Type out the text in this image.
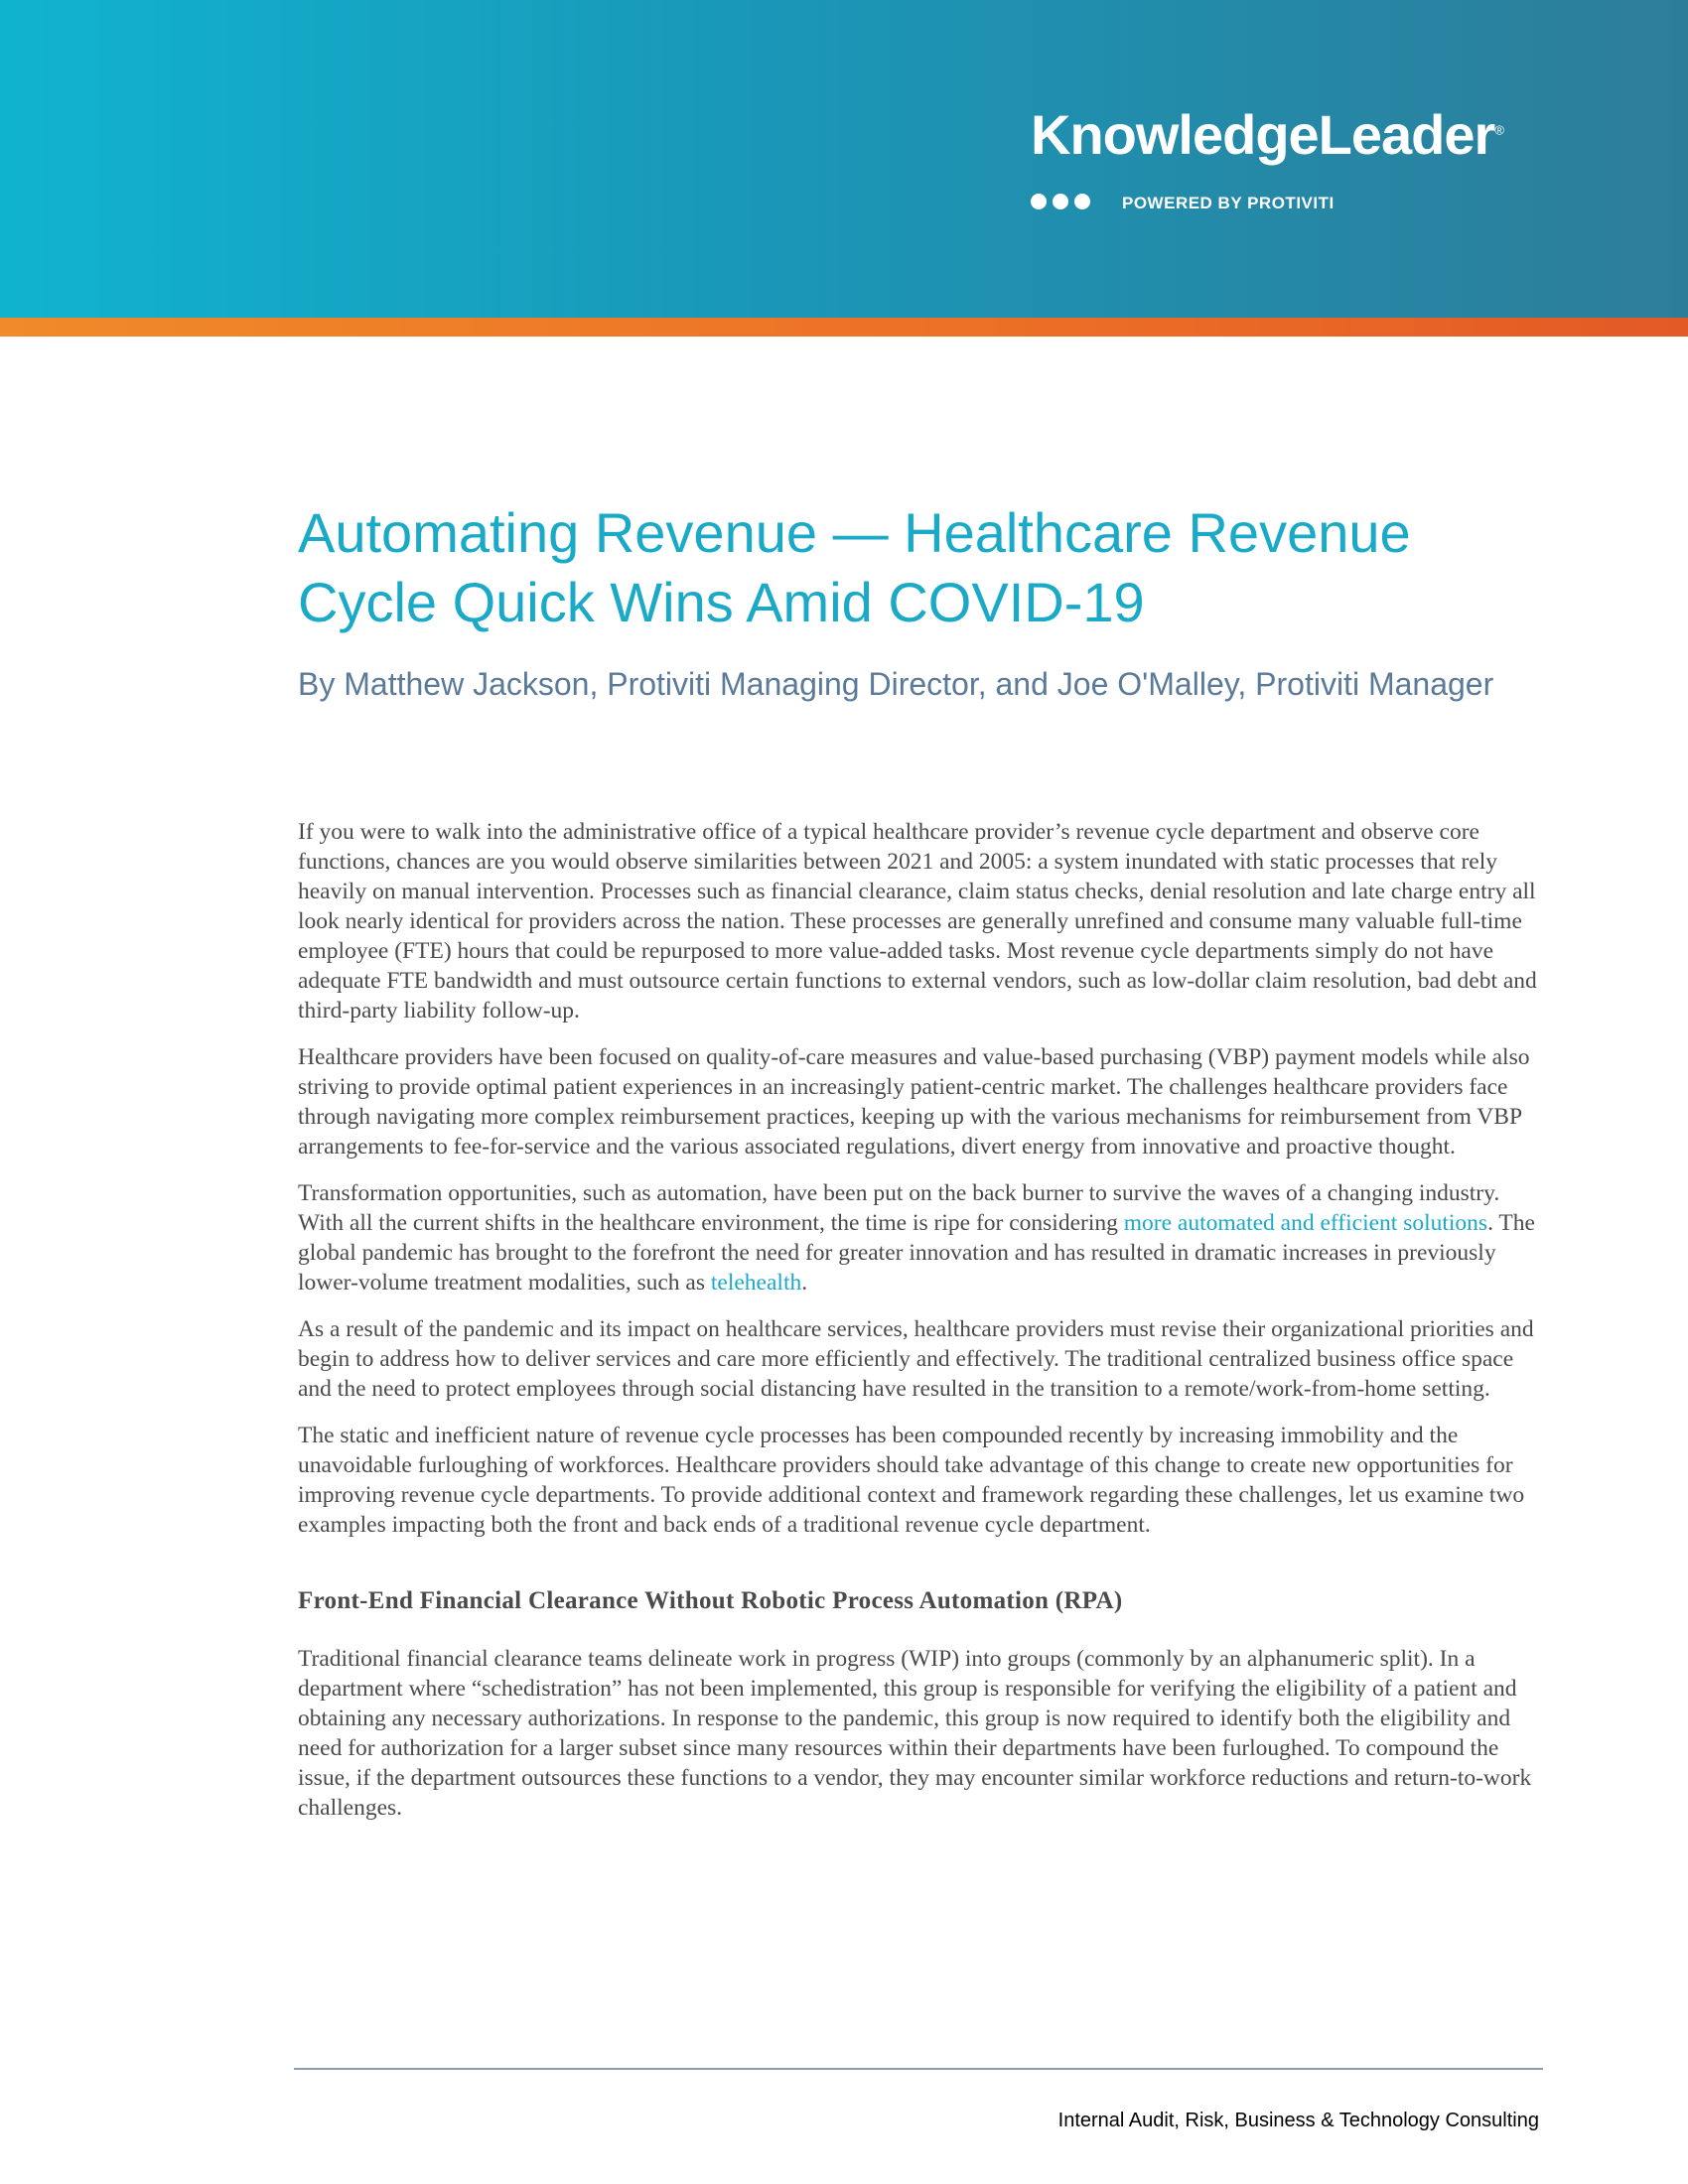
KnowledgeLeader®
POWERED BY PROTIVITI
Automating Revenue — Healthcare Revenue Cycle Quick Wins Amid COVID-19

By Matthew Jackson, Protiviti Managing Director, and Joe O'Malley, Protiviti Manager

If you were to walk into the administrative office of a typical healthcare provider’s revenue cycle department and observe core functions, chances are you would observe similarities between 2021 and 2005: a system inundated with static processes that rely heavily on manual intervention. Processes such as financial clearance, claim status checks, denial resolution and late charge entry all look nearly identical for providers across the nation. These processes are generally unrefined and consume many valuable full-time employee (FTE) hours that could be repurposed to more value-added tasks. Most revenue cycle departments simply do not have adequate FTE bandwidth and must outsource certain functions to external vendors, such as low-dollar claim resolution, bad debt and third-party liability follow-up.

Healthcare providers have been focused on quality-of-care measures and value-based purchasing (VBP) payment models while also striving to provide optimal patient experiences in an increasingly patient-centric market. The challenges healthcare providers face through navigating more complex reimbursement practices, keeping up with the various mechanisms for reimbursement from VBP arrangements to fee-for-service and the various associated regulations, divert energy from innovative and proactive thought.

Transformation opportunities, such as automation, have been put on the back burner to survive the waves of a changing industry. With all the current shifts in the healthcare environment, the time is ripe for considering more automated and efficient solutions. The global pandemic has brought to the forefront the need for greater innovation and has resulted in dramatic increases in previously lower-volume treatment modalities, such as telehealth.

As a result of the pandemic and its impact on healthcare services, healthcare providers must revise their organizational priorities and begin to address how to deliver services and care more efficiently and effectively. The traditional centralized business office space and the need to protect employees through social distancing have resulted in the transition to a remote/work-from-home setting.

The static and inefficient nature of revenue cycle processes has been compounded recently by increasing immobility and the unavoidable furloughing of workforces. Healthcare providers should take advantage of this change to create new opportunities for improving revenue cycle departments. To provide additional context and framework regarding these challenges, let us examine two examples impacting both the front and back ends of a traditional revenue cycle department.

Front-End Financial Clearance Without Robotic Process Automation (RPA)

Traditional financial clearance teams delineate work in progress (WIP) into groups (commonly by an alphanumeric split). In a department where “schedistration” has not been implemented, this group is responsible for verifying the eligibility of a patient and obtaining any necessary authorizations. In response to the pandemic, this group is now required to identify both the eligibility and need for authorization for a larger subset since many resources within their departments have been furloughed. To compound the issue, if the department outsources these functions to a vendor, they may encounter similar workforce reductions and return-to-work challenges.

Internal Audit, Risk, Business & Technology Consulting
